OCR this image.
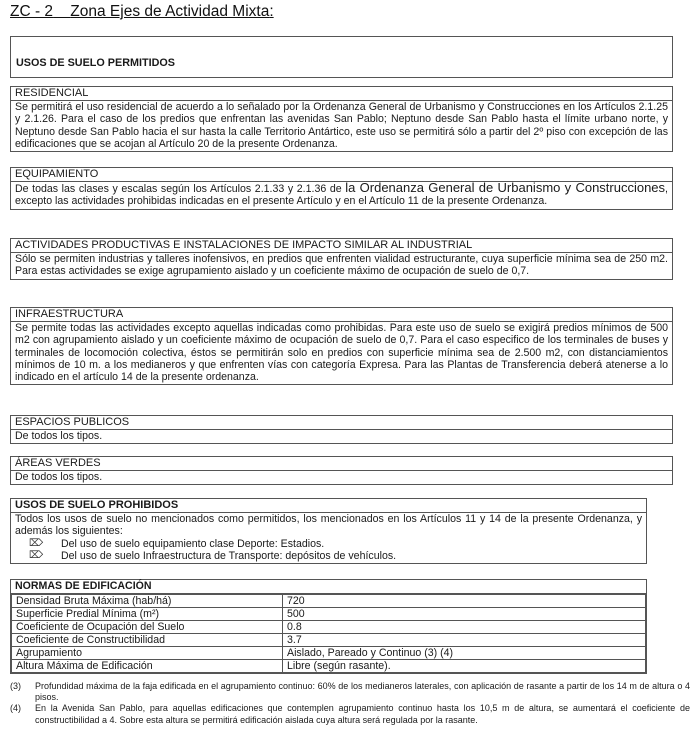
ZC - 2 Zona Ejes de Actividad Mixta:
USOS DE SUELO PERMITIDOS
RESIDENCIAL
Se permitirá el uso residencial de acuerdo a lo señalado por la Ordenanza General de Urbanismo y Construcciones en los Artículos 2.1.25 y 2.1.26. Para el caso de los predios que enfrentan las avenidas San Pablo; Neptuno desde San Pablo hasta el límite urbano norte, y Neptuno desde San Pablo hacia el sur hasta la calle Territorio Antártico, este uso se permitirá sólo a partir del 2º piso con excepción de las edificaciones que se acojan al Artículo 20 de la presente Ordenanza.
EQUIPAMIENTO
De todas las clases y escalas según los Artículos 2.1.33 y 2.1.36 de la Ordenanza General de Urbanismo y Construcciones, excepto las actividades prohibidas indicadas en el presente Artículo y en el Artículo 11 de la presente Ordenanza.
ACTIVIDADES PRODUCTIVAS E INSTALACIONES DE IMPACTO SIMILAR AL INDUSTRIAL
Sólo se permiten industrias y talleres inofensivos, en predios que enfrenten vialidad estructurante, cuya superficie mínima sea de 250 m2. Para estas actividades se exige agrupamiento aislado y un coeficiente máximo de ocupación de suelo de 0,7.
INFRAESTRUCTURA
Se permite todas las actividades excepto aquellas indicadas como prohibidas. Para este uso de suelo se exigirá predios mínimos de 500 m2 con agrupamiento aislado y un coeficiente máximo de ocupación de suelo de 0,7. Para el caso especifico de los terminales de buses y terminales de locomoción colectiva, éstos se permitirán solo en predios con superficie mínima sea de 2.500 m2, con distanciamientos mínimos de 10 m. a los medianeros y que enfrenten vías con categoría Expresa. Para las Plantas de Transferencia deberá atenerse a lo indicado en el artículo 14 de la presente ordenanza.
ESPACIOS PUBLICOS
De todos los tipos.
ÁREAS VERDES
De todos los tipos.
USOS DE SUELO PROHIBIDOS
Todos los usos de suelo no mencionados como permitidos, los mencionados en los Artículos 11 y 14 de la presente Ordenanza, y además los siguientes:
⌦	Del uso de suelo equipamiento clase Deporte: Estadios.
⌦	Del uso de suelo Infraestructura de Transporte: depósitos de vehículos.
NORMAS DE EDIFICACIÓN
Densidad Bruta Máxima (hab/há)	720
Superficie Predial Mínima (m²)	500
Coeficiente de Ocupación del Suelo	0.8
Coeficiente de Constructibilidad	3.7
Agrupamiento	Aislado, Pareado y Continuo (3) (4)
Altura Máxima de Edificación	Libre (según rasante).
(3)	Profundidad máxima de la faja edificada en el agrupamiento continuo: 60% de los medianeros laterales, con aplicación de rasante a partir de los 14 m de altura o 4 pisos.
(4)	En la Avenida San Pablo, para aquellas edificaciones que contemplen agrupamiento continuo hasta los 10,5 m de altura, se aumentará el coeficiente de constructibilidad a 4. Sobre esta altura se permitirá edificación aislada cuya altura será regulada por la rasante.
